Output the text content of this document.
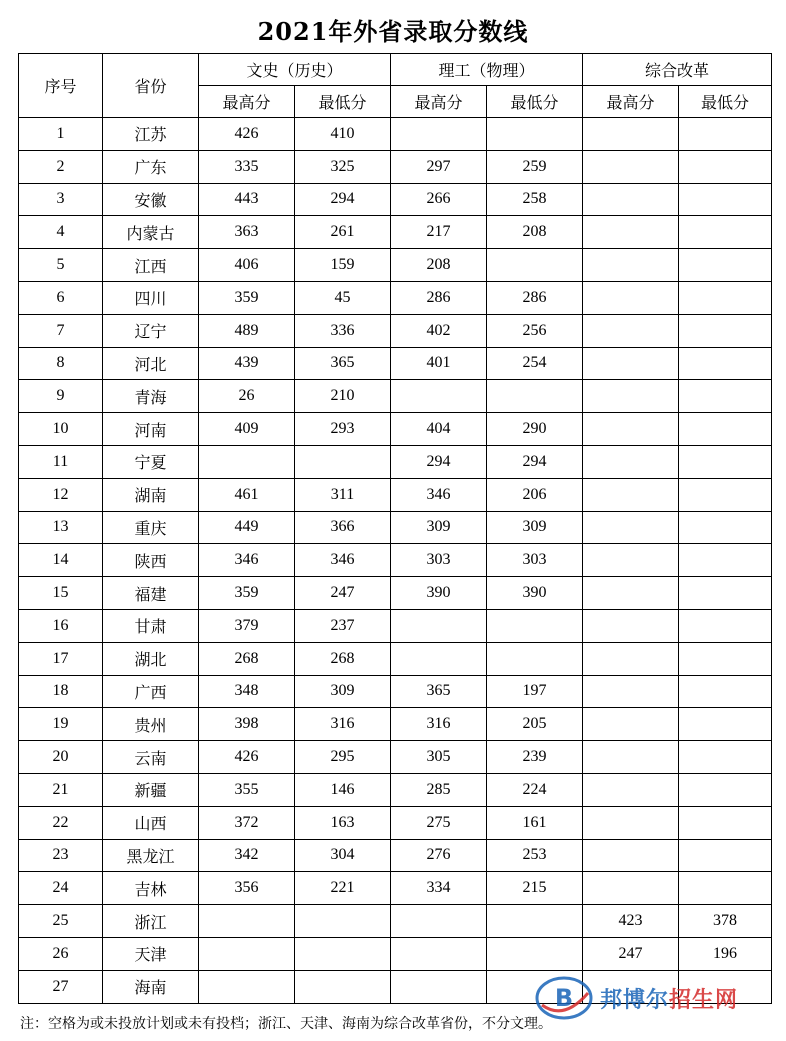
2021年外省录取分数线
序号	省份	文史（历史）		理工（物理）		综合改革	
		最高分	最低分	最高分	最低分	最高分	最低分
1	江苏	426	410				
2	广东	335	325	297	259		
3	安徽	443	294	266	258		
4	内蒙古	363	261	217	208		
5	江西	406	159	208			
6	四川	359	45	286	286		
7	辽宁	489	336	402	256		
8	河北	439	365	401	254		
9	青海	26	210				
10	河南	409	293	404	290		
11	宁夏			294	294		
12	湖南	461	311	346	206		
13	重庆	449	366	309	309		
14	陕西	346	346	303	303		
15	福建	359	247	390	390		
16	甘肃	379	237				
17	湖北	268	268				
18	广西	348	309	365	197		
19	贵州	398	316	316	205		
20	云南	426	295	305	239		
21	新疆	355	146	285	224		
22	山西	372	163	275	161		
23	黑龙江	342	304	276	253		
24	吉林	356	221	334	215		
25	浙江					423	378
26	天津					247	196
27	海南						
注：空格为或未投放计划或未有投档；浙江、天津、海南为综合改革省份，不分文理。
B 邦博尔招生网
